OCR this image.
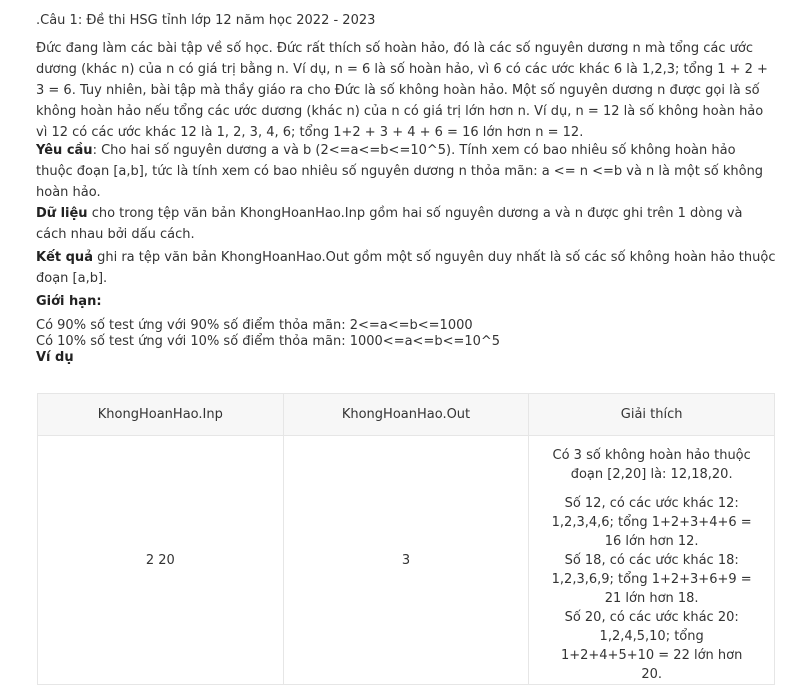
.Câu 1: Đề thi HSG tỉnh lớp 12 năm học 2022 - 2023

Đức đang làm các bài tập về số học. Đức rất thích số hoàn hảo, đó là các số nguyên dương n mà tổng các ước dương (khác n) của n có giá trị bằng n. Ví dụ, n = 6 là số hoàn hảo, vì 6 có các ước khác 6 là 1,2,3; tổng 1 + 2 + 3 = 6. Tuy nhiên, bài tập mà thầy giáo ra cho Đức là số không hoàn hảo. Một số nguyên dương n được gọi là số không hoàn hảo nếu tổng các ước dương (khác n) của n có giá trị lớn hơn n. Ví dụ, n = 12 là số không hoàn hảo vì 12 có các ước khác 12 là 1, 2, 3, 4, 6; tổng 1+2 + 3 + 4 + 6 = 16 lớn hơn n = 12.

Yêu cầu: Cho hai số nguyên dương a và b (2<=a<=b<=10^5). Tính xem có bao nhiêu số không hoàn hảo thuộc đoạn [a,b], tức là tính xem có bao nhiêu số nguyên dương n thỏa mãn: a <= n <=b và n là một số không hoàn hảo.

Dữ liệu cho trong tệp văn bản KhongHoanHao.Inp gồm hai số nguyên dương a và n được ghi trên 1 dòng và cách nhau bởi dấu cách.

Kết quả ghi ra tệp văn bản KhongHoanHao.Out gồm một số nguyên duy nhất là số các số không hoàn hảo thuộc đoạn [a,b].

Giới hạn:

Có 90% số test ứng với 90% số điểm thỏa mãn: 2<=a<=b<=1000
Có 10% số test ứng với 10% số điểm thỏa mãn: 1000<=a<=b<=10^5
Ví dụ
KhongHoanHao.Inp	KhongHoanHao.Out	Giải thích
2 20	3	Có 3 số không hoàn hảo thuộc đoạn [2,20] là: 12,18,20.

Số 12, có các ước khác 12: 1,2,3,4,6; tổng 1+2+3+4+6 = 16 lớn hơn 12.

Số 18, có các ước khác 18: 1,2,3,6,9; tổng 1+2+3+6+9 = 21 lớn hơn 18.

Số 20, có các ước khác 20: 1,2,4,5,10; tổng 1+2+4+5+10 = 22 lớn hơn 20.
